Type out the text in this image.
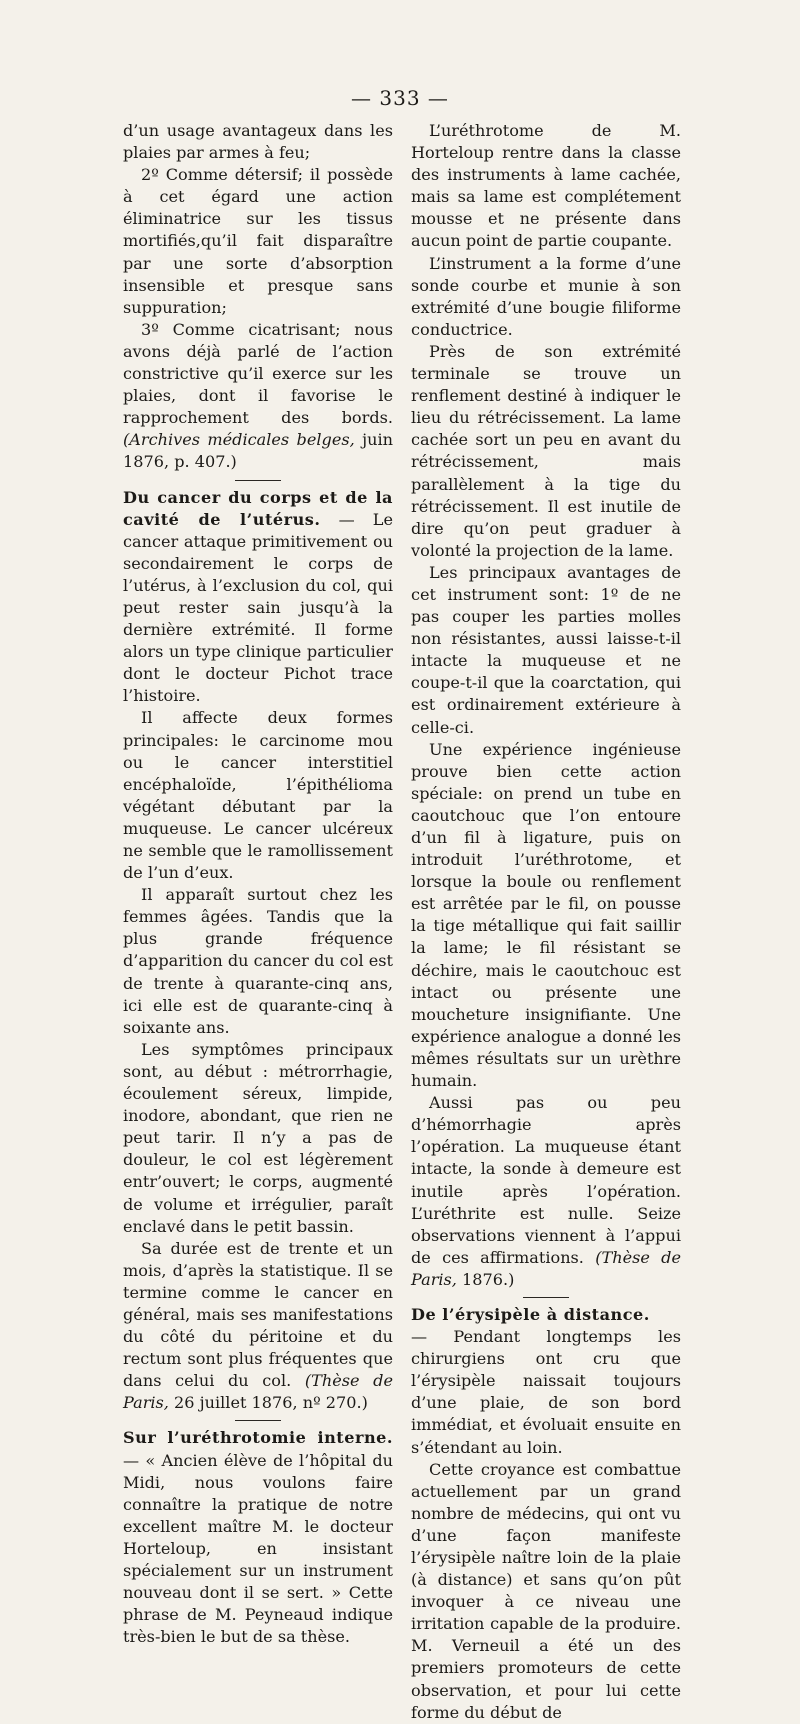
— 333 —

d’un usage avantageux dans les plaies par armes à feu;

2º Comme détersif; il possède à cet égard une action éliminatrice sur les tissus mortifiés,qu’il fait disparaître par une sorte d’absorption insensible et presque sans suppuration;

3º Comme cicatrisant; nous avons déjà parlé de l’action constrictive qu’il exerce sur les plaies, dont il favorise le rapprochement des bords. (Archives médicales belges, juin 1876, p. 407.)

Du cancer du corps et de la cavité de l’utérus. — Le cancer attaque primitivement ou secondairement le corps de l’utérus, à l’exclusion du col, qui peut rester sain jusqu’à la dernière extrémité. Il forme alors un type clinique particulier dont le docteur Pichot trace l’histoire.

Il affecte deux formes principales: le carcinome mou ou le cancer interstitiel encéphaloïde, l’épithélioma végétant débutant par la muqueuse. Le cancer ulcéreux ne semble que le ramollissement de l’un d’eux.

Il apparaît surtout chez les femmes âgées. Tandis que la plus grande fréquence d’apparition du cancer du col est de trente à quarante-cinq ans, ici elle est de quarante-cinq à soixante ans.

Les symptômes principaux sont, au début : métrorrhagie, écoulement séreux, limpide, inodore, abondant, que rien ne peut tarir. Il n’y a pas de douleur, le col est légèrement entr’ouvert; le corps, augmenté de volume et irrégulier, paraît enclavé dans le petit bassin.

Sa durée est de trente et un mois, d’après la statistique. Il se termine comme le cancer en général, mais ses manifestations du côté du péritoine et du rectum sont plus fréquentes que dans celui du col. (Thèse de Paris, 26 juillet 1876, nº 270.)

Sur l’uréthrotomie interne. — « Ancien élève de l’hôpital du Midi, nous voulons faire connaître la pratique de notre excellent maître M. le docteur Horteloup, en insistant spécialement sur un instrument nouveau dont il se sert. » Cette phrase de M. Peyneaud indique très-bien le but de sa thèse.

L’uréthrotome de M. Horteloup rentre dans la classe des instruments à lame cachée, mais sa lame est complétement mousse et ne présente dans aucun point de partie coupante.

L’instrument a la forme d’une sonde courbe et munie à son extrémité d’une bougie filiforme conductrice.

Près de son extrémité terminale se trouve un renflement destiné à indiquer le lieu du rétrécissement. La lame cachée sort un peu en avant du rétrécissement, mais parallèlement à la tige du rétrécissement. Il est inutile de dire qu’on peut graduer à volonté la projection de la lame.

Les principaux avantages de cet instrument sont: 1º de ne pas couper les parties molles non résistantes, aussi laisse-t-il intacte la muqueuse et ne coupe-t-il que la coarctation, qui est ordinairement extérieure à celle-ci.

Une expérience ingénieuse prouve bien cette action spéciale: on prend un tube en caoutchouc que l’on entoure d’un fil à ligature, puis on introduit l’uréthrotome, et lorsque la boule ou renflement est arrêtée par le fil, on pousse la tige métallique qui fait saillir la lame; le fil résistant se déchire, mais le caoutchouc est intact ou présente une moucheture insignifiante. Une expérience analogue a donné les mêmes résultats sur un urèthre humain.

Aussi pas ou peu d’hémorrhagie après l’opération. La muqueuse étant intacte, la sonde à demeure est inutile après l’opération. L’uréthrite est nulle. Seize observations viennent à l’appui de ces affirmations. (Thèse de Paris, 1876.)

De l’érysipèle à distance.

— Pendant longtemps les chirurgiens ont cru que l’érysipèle naissait toujours d’une plaie, de son bord immédiat, et évoluait ensuite en s’étendant au loin.

Cette croyance est combattue actuellement par un grand nombre de médecins, qui ont vu d’une façon manifeste l’érysipèle naître loin de la plaie (à distance) et sans qu’on pût invoquer à ce niveau une irritation capable de la produire. M. Verneuil a été un des premiers promoteurs de cette observation, et pour lui cette forme du début de
